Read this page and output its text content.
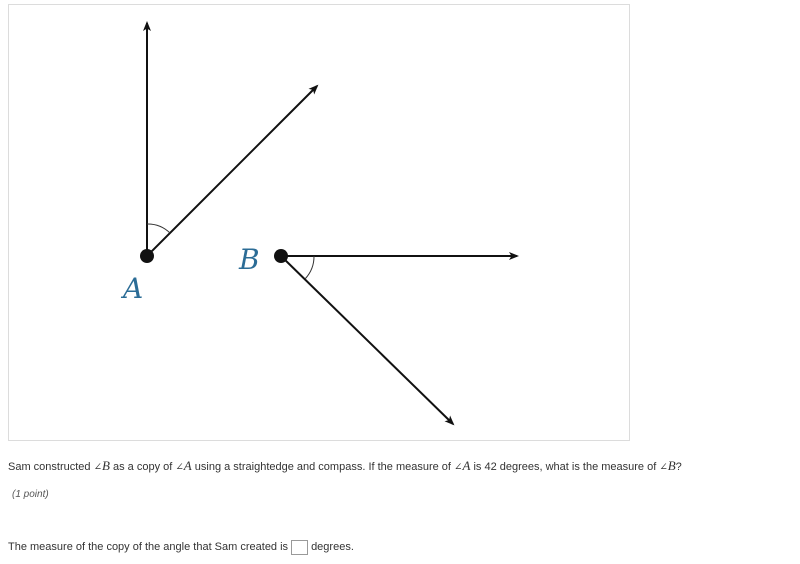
A
B
Sam constructed ∠B as a copy of ∠A using a straightedge and compass. If the measure of ∠A is 42 degrees, what is the measure of ∠B?
(1 point)
The measure of the copy of the angle that Sam created is degrees.
